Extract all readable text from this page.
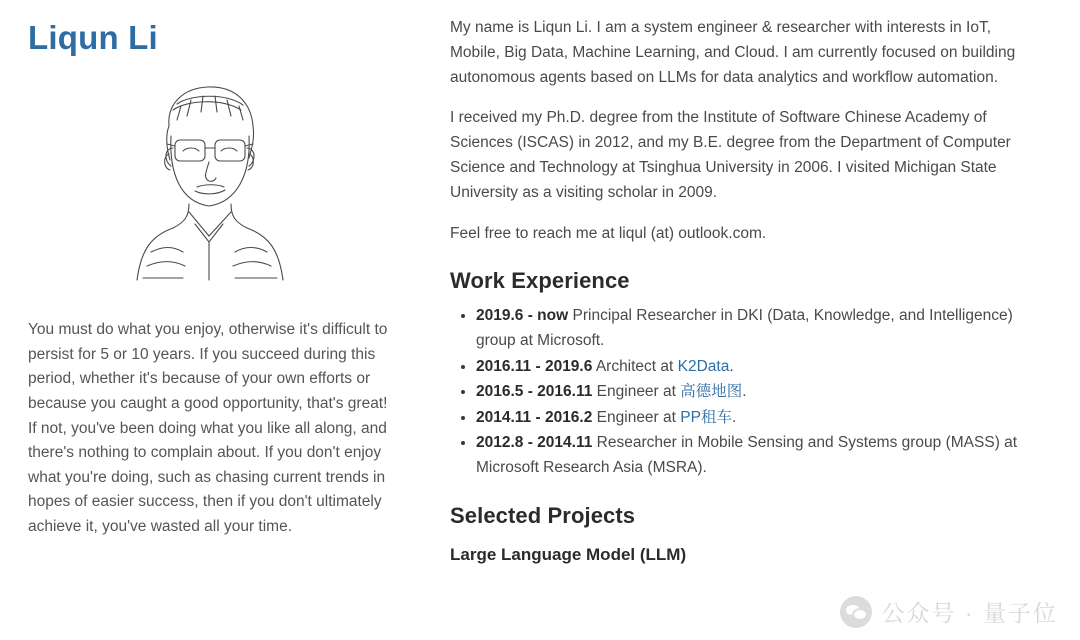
Liqun Li
You must do what you enjoy, otherwise it's difficult to persist for 5 or 10 years. If you succeed during this period, whether it's because of your own efforts or because you caught a good opportunity, that's great! If not, you've been doing what you like all along, and there's nothing to complain about. If you don't enjoy what you're doing, such as chasing current trends in hopes of easier success, then if you don't ultimately achieve it, you've wasted all your time.

My name is Liqun Li. I am a system engineer & researcher with interests in IoT, Mobile, Big Data, Machine Learning, and Cloud. I am currently focused on building autonomous agents based on LLMs for data analytics and workflow automation.

I received my Ph.D. degree from the Institute of Software Chinese Academy of Sciences (ISCAS) in 2012, and my B.E. degree from the Department of Computer Science and Technology at Tsinghua University in 2006. I visited Michigan State University as a visiting scholar in 2009.

Feel free to reach me at liqul (at) outlook.com.

Work Experience
• 2019.6 - now Principal Researcher in DKI (Data, Knowledge, and Intelligence) group at Microsoft.
• 2016.11 - 2019.6 Architect at K2Data.
• 2016.5 - 2016.11 Engineer at 高德地图.
• 2014.11 - 2016.2 Engineer at PP租车.
• 2012.8 - 2014.11 Researcher in Mobile Sensing and Systems group (MASS) at Microsoft Research Asia (MSRA).
Selected Projects
Large Language Model (LLM)
公众号 · 量子位
